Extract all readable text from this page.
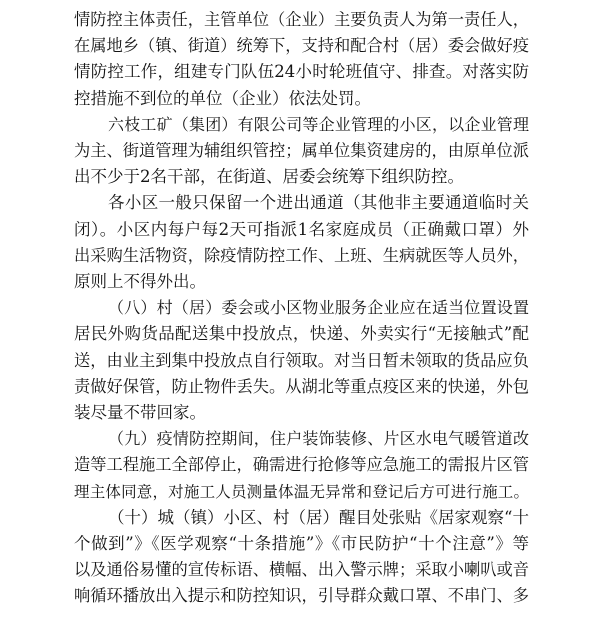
情防控主体责任，主管单位（企业）主要负责人为第一责任人，
在属地乡（镇、街道）统筹下，支持和配合村（居）委会做好疫
情防控工作，组建专门队伍24小时轮班值守、排查。对落实防
控措施不到位的单位（企业）依法处罚。
六枝工矿（集团）有限公司等企业管理的小区，以企业管理
为主、街道管理为辅组织管控；属单位集资建房的，由原单位派
出不少于2名干部，在街道、居委会统筹下组织防控。
各小区一般只保留一个进出通道（其他非主要通道临时关
闭）。小区内每户每2天可指派1名家庭成员（正确戴口罩）外
出采购生活物资，除疫情防控工作、上班、生病就医等人员外，
原则上不得外出。
（八）村（居）委会或小区物业服务企业应在适当位置设置
居民外购货品配送集中投放点，快递、外卖实行“无接触式”配
送，由业主到集中投放点自行领取。对当日暂未领取的货品应负
责做好保管，防止物件丢失。从湖北等重点疫区来的快递，外包
装尽量不带回家。
（九）疫情防控期间，住户装饰装修、片区水电气暖管道改
造等工程施工全部停止，确需进行抢修等应急施工的需报片区管
理主体同意，对施工人员测量体温无异常和登记后方可进行施工。
（十）城（镇）小区、村（居）醒目处张贴《居家观察“十
个做到”》《医学观察“十条措施”》《市民防护“十个注意”》等
以及通俗易懂的宣传标语、横幅、出入警示牌；采取小喇叭或音
响循环播放出入提示和防控知识，引导群众戴口罩、不串门、多
